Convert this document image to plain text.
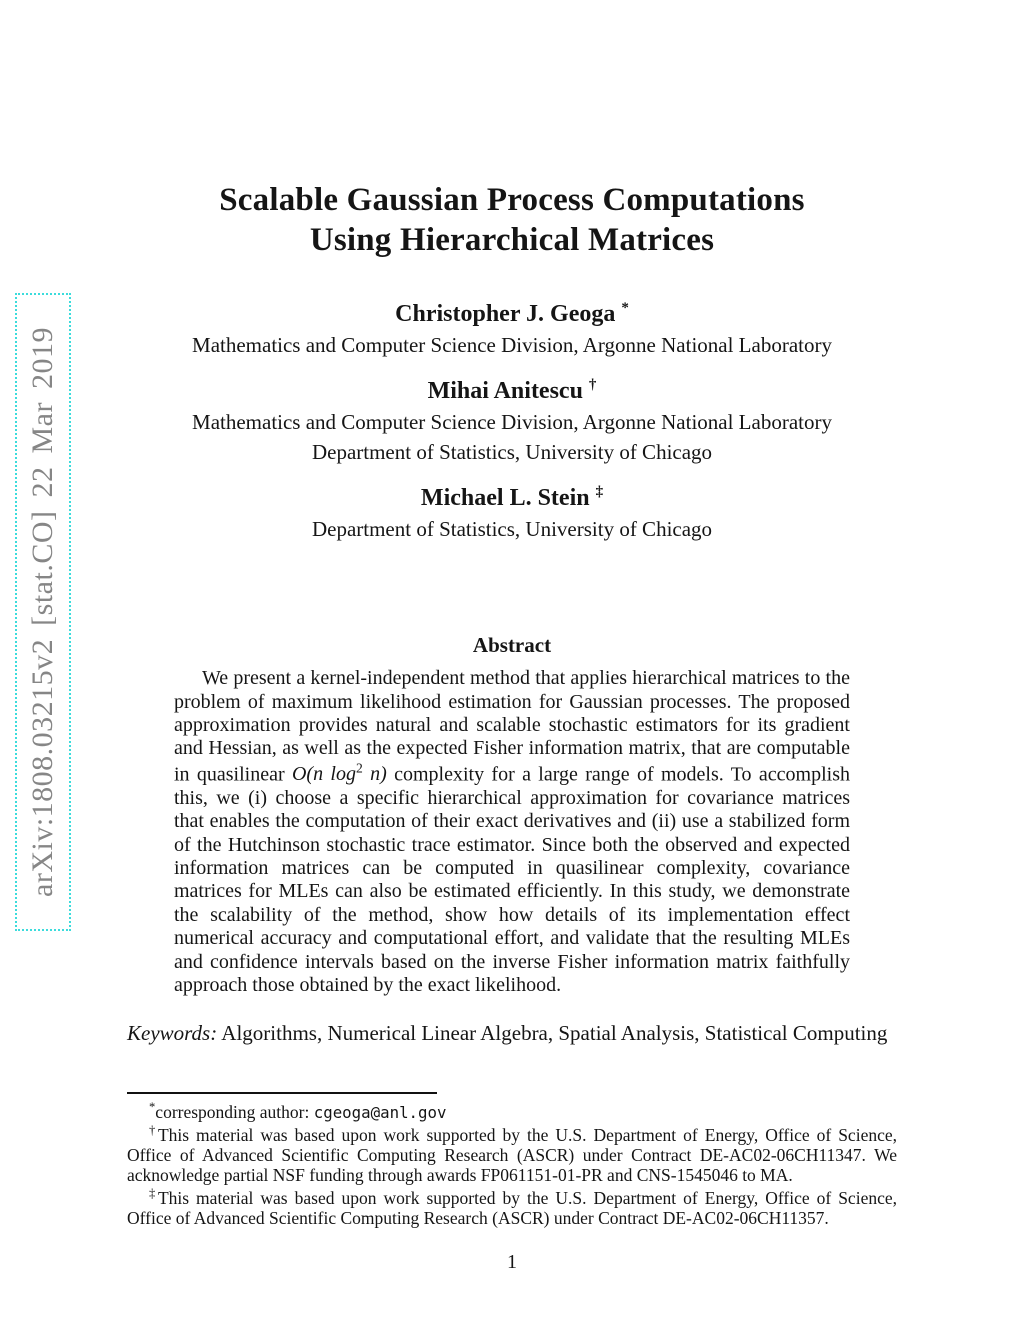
arXiv:1808.03215v2 [stat.CO] 22 Mar 2019
Scalable Gaussian Process Computations
Using Hierarchical Matrices
Christopher J. Geoga *
Mathematics and Computer Science Division, Argonne National Laboratory
Mihai Anitescu †
Mathematics and Computer Science Division, Argonne National Laboratory
Department of Statistics, University of Chicago
Michael L. Stein ‡
Department of Statistics, University of Chicago
Abstract

We present a kernel-independent method that applies hierarchical matrices to the problem of maximum likelihood estimation for Gaussian processes. The proposed approximation provides natural and scalable stochastic estimators for its gradient and Hessian, as well as the expected Fisher information matrix, that are computable in quasilinear O(n $\log^2 n$) complexity for a large range of models. To accomplish this, we (i) choose a specific hierarchical approximation for covariance matrices that enables the computation of their exact derivatives and (ii) use a stabilized form of the Hutchinson stochastic trace estimator. Since both the observed and expected information matrices can be computed in quasilinear complexity, covariance matrices for MLEs can also be estimated efficiently. In this study, we demonstrate the scalability of the method, show how details of its implementation effect numerical accuracy and computational effort, and validate that the resulting MLEs and confidence intervals based on the inverse Fisher information matrix faithfully approach those obtained by the exact likelihood.

Keywords: Algorithms, Numerical Linear Algebra, Spatial Analysis, Statistical Computing

*corresponding author: cgeoga@anl.gov

†This material was based upon work supported by the U.S. Department of Energy, Office of Science, Office of Advanced Scientific Computing Research (ASCR) under Contract DE-AC02-06CH11347. We acknowledge partial NSF funding through awards FP061151-01-PR and CNS-1545046 to MA.

‡This material was based upon work supported by the U.S. Department of Energy, Office of Science, Office of Advanced Scientific Computing Research (ASCR) under Contract DE-AC02-06CH11357.

1
